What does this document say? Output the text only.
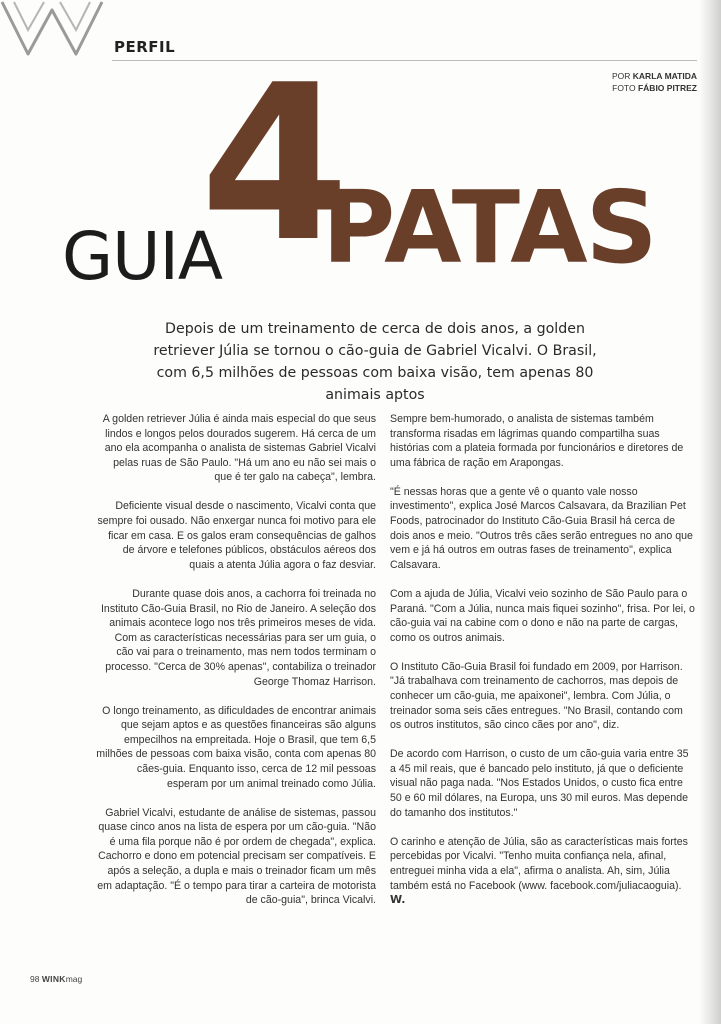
PERFIL
POR KARLA MATIDA
FOTO FÁBIO PITREZ
4
GUIA PATAS
Depois de um treinamento de cerca de dois anos, a golden retriever Júlia se tornou o cão-guia de Gabriel Vicalvi. O Brasil, com 6,5 milhões de pessoas com baixa visão, tem apenas 80 animais aptos

A golden retriever Júlia é ainda mais especial do que seus lindos e longos pelos dourados sugerem. Há cerca de um ano ela acompanha o analista de sistemas Gabriel Vicalvi pelas ruas de São Paulo. "Há um ano eu não sei mais o que é ter galo na cabeça", lembra.

Deficiente visual desde o nascimento, Vicalvi conta que sempre foi ousado. Não enxergar nunca foi motivo para ele ficar em casa. E os galos eram consequências de galhos de árvore e telefones públicos, obstáculos aéreos dos quais a atenta Júlia agora o faz desviar.

Durante quase dois anos, a cachorra foi treinada no Instituto Cão-Guia Brasil, no Rio de Janeiro. A seleção dos animais acontece logo nos três primeiros meses de vida. Com as características necessárias para ser um guia, o cão vai para o treinamento, mas nem todos terminam o processo. "Cerca de 30% apenas", contabiliza o treinador George Thomaz Harrison.

O longo treinamento, as dificuldades de encontrar animais que sejam aptos e as questões financeiras são alguns empecilhos na empreitada. Hoje o Brasil, que tem 6,5 milhões de pessoas com baixa visão, conta com apenas 80 cães-guia. Enquanto isso, cerca de 12 mil pessoas esperam por um animal treinado como Júlia.

Gabriel Vicalvi, estudante de análise de sistemas, passou quase cinco anos na lista de espera por um cão-guia. "Não é uma fila porque não é por ordem de chegada", explica. Cachorro e dono em potencial precisam ser compatíveis. E após a seleção, a dupla e mais o treinador ficam um mês em adaptação. "É o tempo para tirar a carteira de motorista de cão-guia", brinca Vicalvi.

Sempre bem-humorado, o analista de sistemas também transforma risadas em lágrimas quando compartilha suas histórias com a plateia formada por funcionários e diretores de uma fábrica de ração em Arapongas.

"É nessas horas que a gente vê o quanto vale nosso investimento", explica José Marcos Calsavara, da Brazilian Pet Foods, patrocinador do Instituto Cão-Guia Brasil há cerca de dois anos e meio. "Outros três cães serão entregues no ano que vem e já há outros em outras fases de treinamento", explica Calsavara.

Com a ajuda de Júlia, Vicalvi veio sozinho de São Paulo para o Paraná. "Com a Júlia, nunca mais fiquei sozinho", frisa. Por lei, o cão-guia vai na cabine com o dono e não na parte de cargas, como os outros animais.

O Instituto Cão-Guia Brasil foi fundado em 2009, por Harrison. "Já trabalhava com treinamento de cachorros, mas depois de conhecer um cão-guia, me apaixonei", lembra. Com Júlia, o treinador soma seis cães entregues. "No Brasil, contando com os outros institutos, são cinco cães por ano", diz.

De acordo com Harrison, o custo de um cão-guia varia entre 35 a 45 mil reais, que é bancado pelo instituto, já que o deficiente visual não paga nada. "Nos Estados Unidos, o custo fica entre 50 e 60 mil dólares, na Europa, uns 30 mil euros. Mas depende do tamanho dos institutos."

O carinho e atenção de Júlia, são as características mais fortes percebidas por Vicalvi. "Tenho muita confiança nela, afinal, entreguei minha vida a ela", afirma o analista. Ah, sim, Júlia também está no Facebook (www. facebook.com/juliacaoguia). W.

98 WINKmag
